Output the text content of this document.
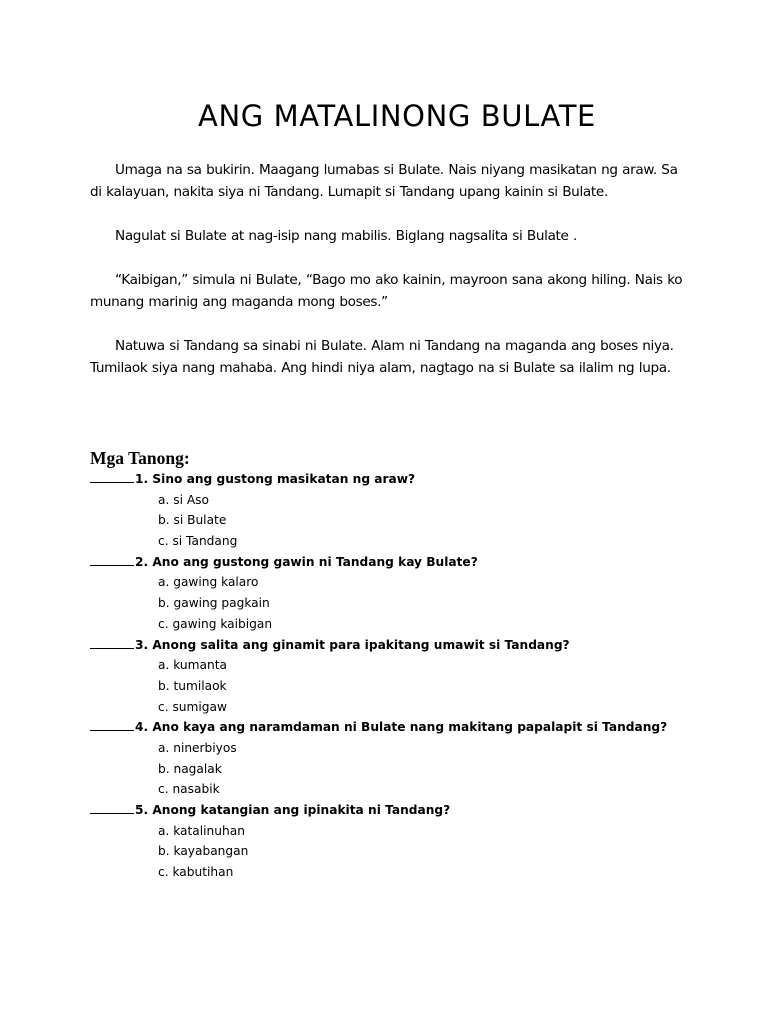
ANG MATALINONG BULATE

Umaga na sa bukirin. Maagang lumabas si Bulate. Nais niyang masikatan ng araw. Sa di kalayuan, nakita siya ni Tandang. Lumapit si Tandang upang kainin si Bulate.

Nagulat si Bulate at nag-isip nang mabilis. Biglang nagsalita si Bulate .

“Kaibigan,” simula ni Bulate, “Bago mo ako kainin, mayroon sana akong hiling. Nais ko munang marinig ang maganda mong boses.”

Natuwa si Tandang sa sinabi ni Bulate. Alam ni Tandang na maganda ang boses niya. Tumilaok siya nang mahaba. Ang hindi niya alam, nagtago na si Bulate sa ilalim ng lupa.

Mga Tanong:
1. Sino ang gustong masikatan ng araw?
a. si Aso
b. si Bulate
c. si Tandang
2. Ano ang gustong gawin ni Tandang kay Bulate?
a. gawing kalaro
b. gawing pagkain
c. gawing kaibigan
3. Anong salita ang ginamit para ipakitang umawit si Tandang?
a. kumanta
b. tumilaok
c. sumigaw
4. Ano kaya ang naramdaman ni Bulate nang makitang papalapit si Tandang?
a. ninerbiyos
b. nagalak
c. nasabik
5. Anong katangian ang ipinakita ni Tandang?
a. katalinuhan
b. kayabangan
c. kabutihan
